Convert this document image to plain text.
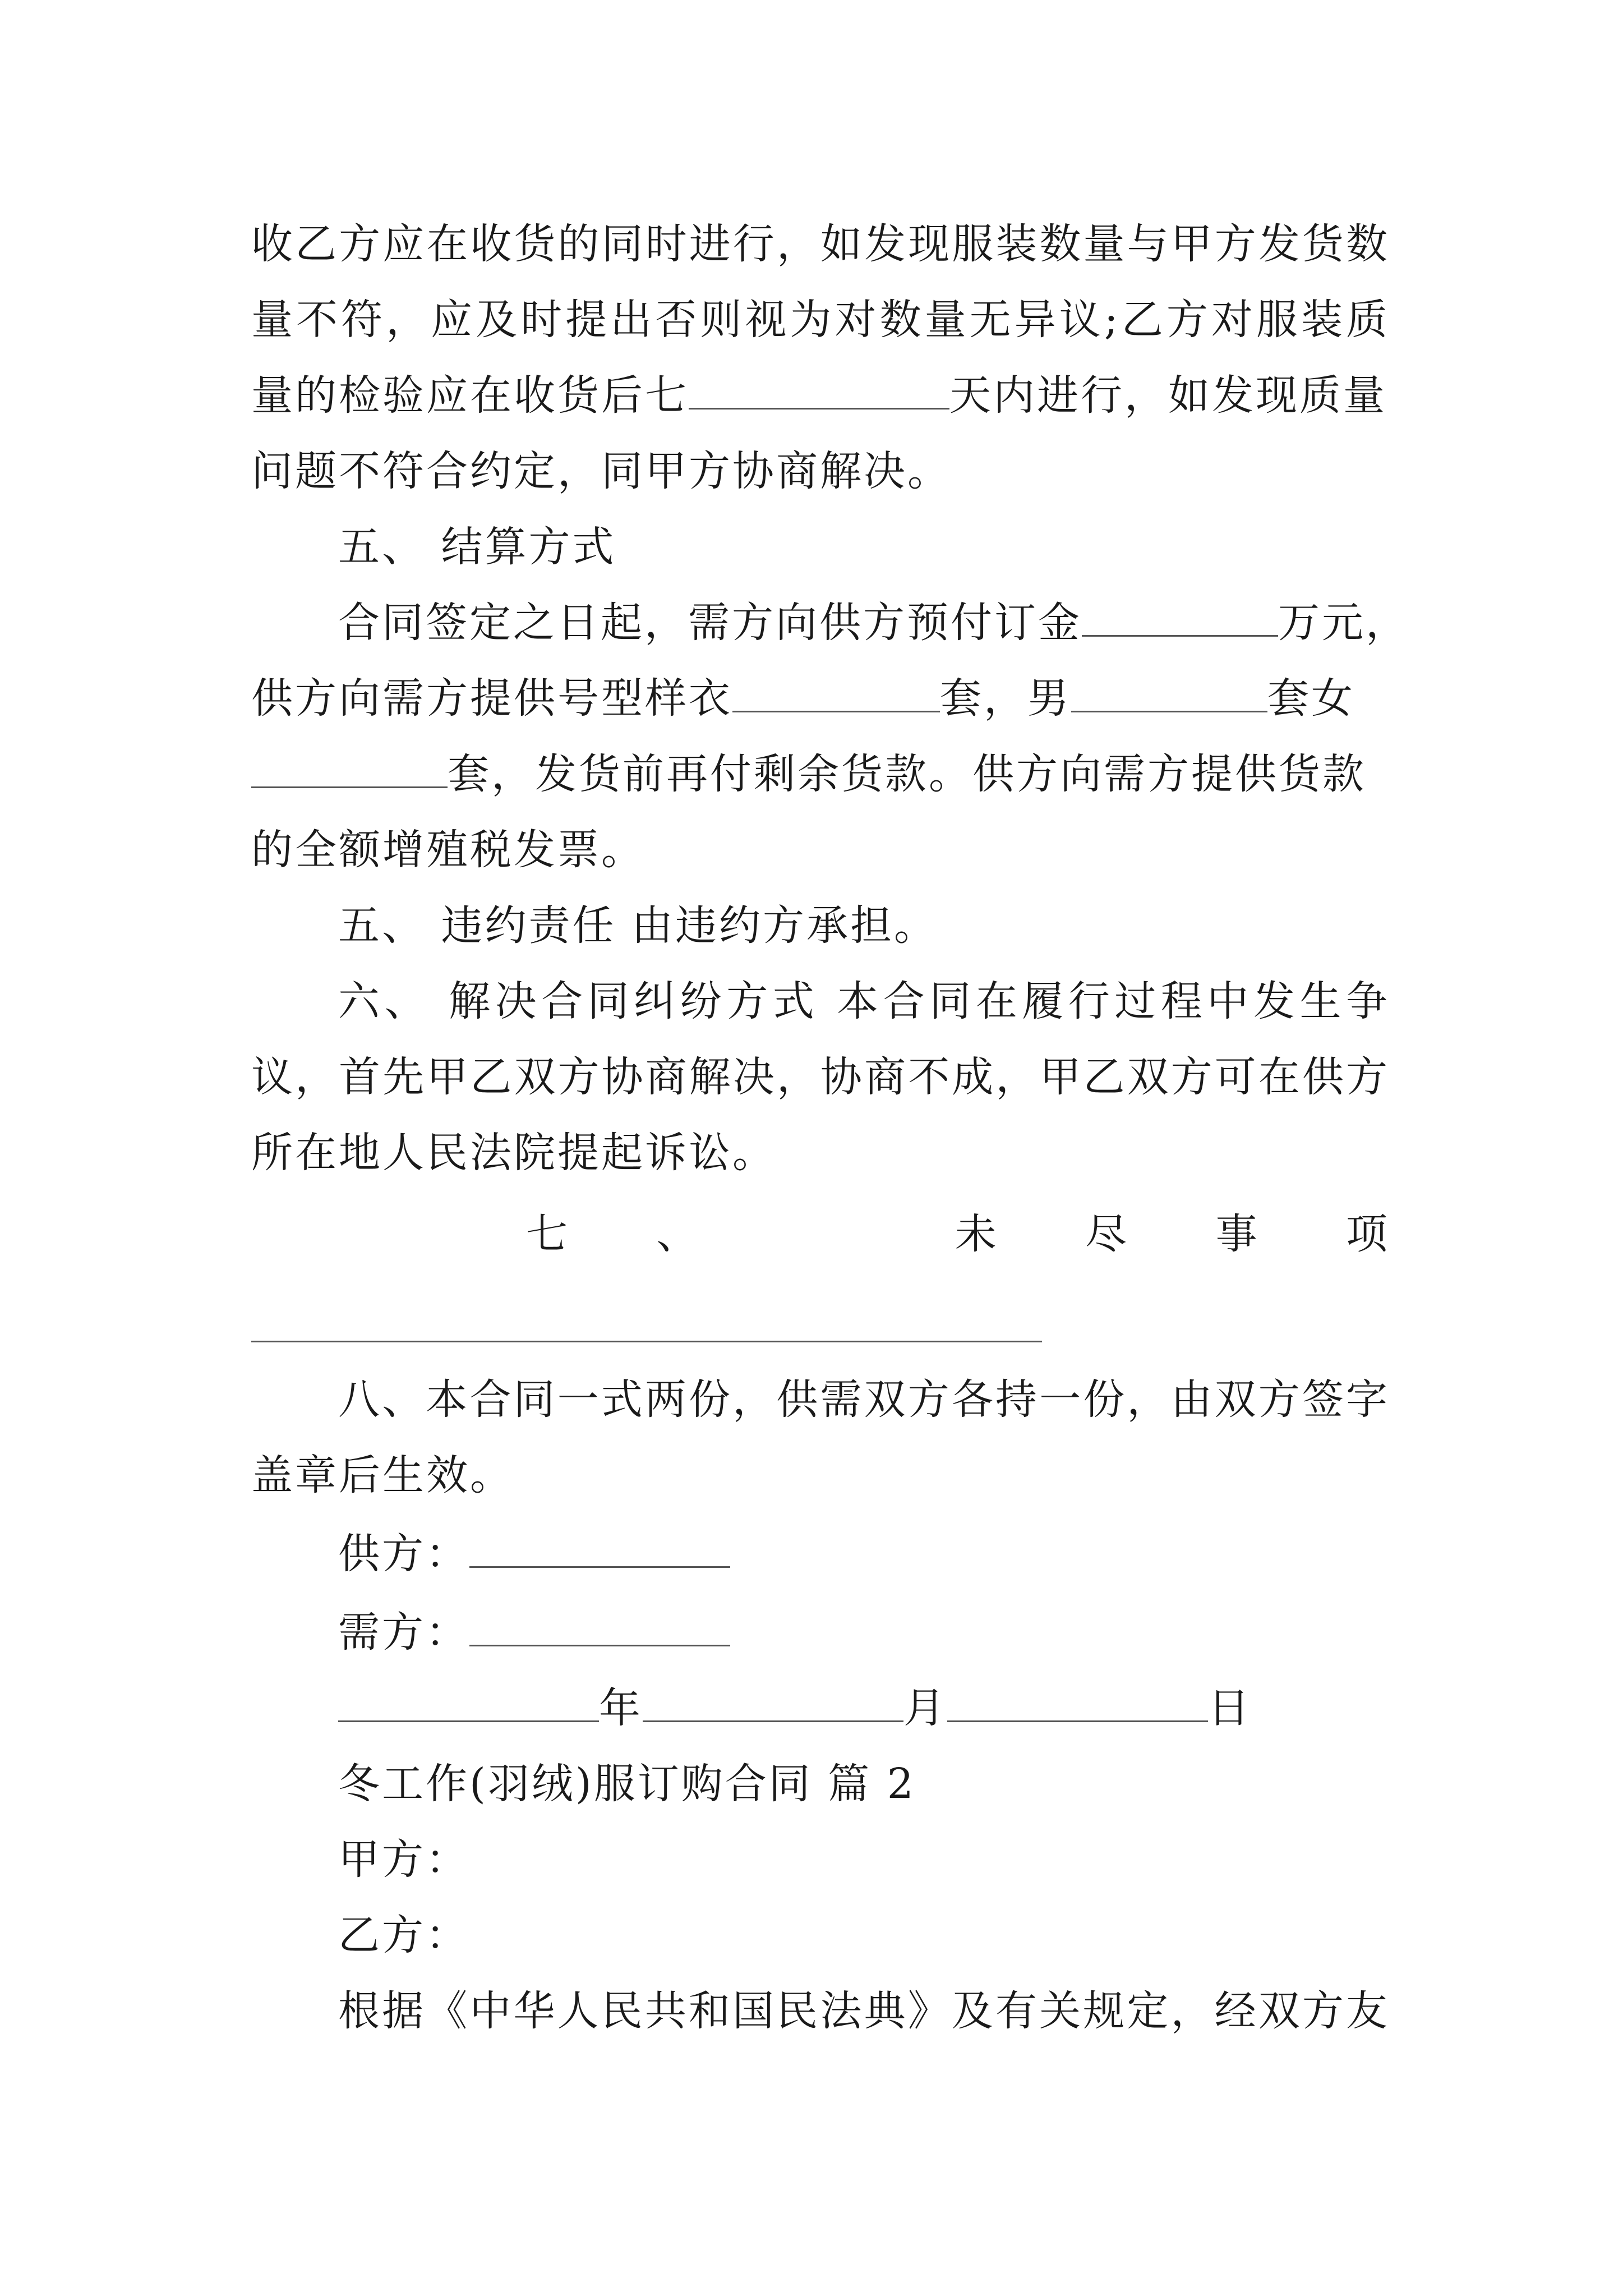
收乙方应在收货的同时进行，如发现服装数量与甲方发货数
量不符，应及时提出否则视为对数量无异议;乙方对服装质
量的检验应在收货后七	天内进行，如发现质量
问题不符合约定，同甲方协商解决。
五、 结算方式
合同签定之日起，需方向供方预付订金	万元，
供方向需方提供号型样衣	套，男	套女
套，发货前再付剩余货款。供方向需方提供货款
的全额增殖税发票。
五、 违约责任 由违约方承担。
六、 解决合同纠纷方式 本合同在履行过程中发生争
议，首先甲乙双方协商解决，协商不成，甲乙双方可在供方
所在地人民法院提起诉讼。
七 、	未 尽 事 项
八、本合同一式两份，供需双方各持一份，由双方签字
盖章后生效。
供方：
需方：
年	月	日
冬工作(羽绒)服订购合同 篇 2
甲方：
乙方：
根据《中华人民共和国民法典》及有关规定，经双方友
